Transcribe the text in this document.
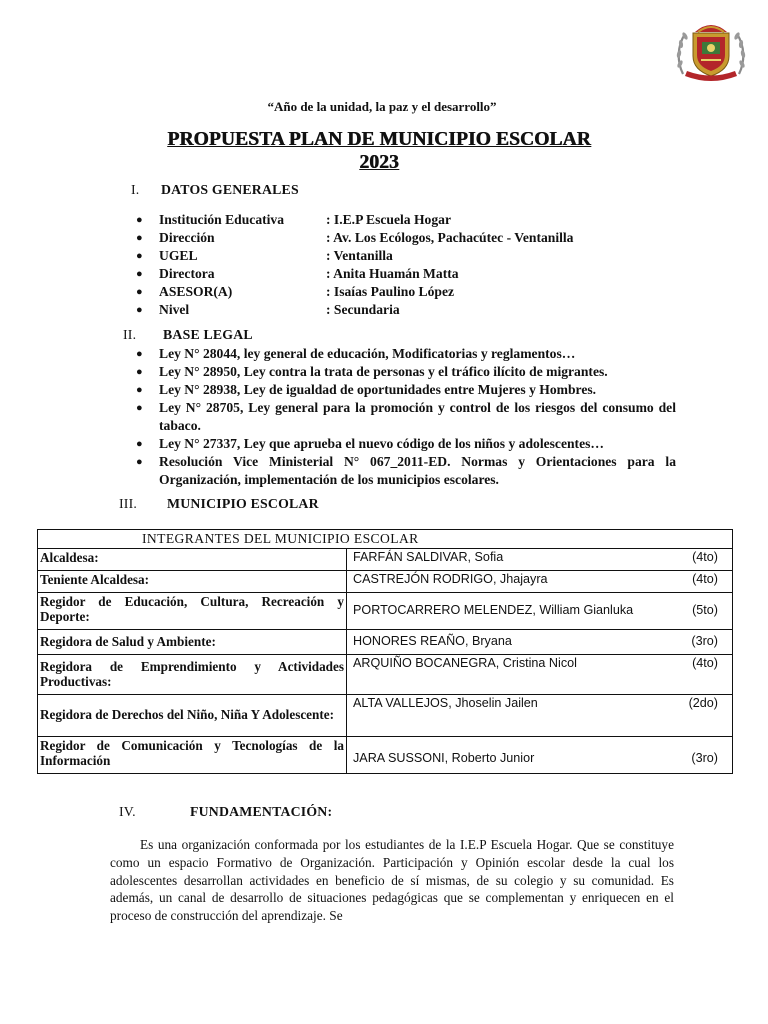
“Año de la unidad, la paz y el desarrollo”
PROPUESTA PLAN DE MUNICIPIO ESCOLAR
2023
I. DATOS GENERALES
● Institución Educativa	: I.E.P Escuela Hogar
● Dirección	: Av. Los Ecólogos, Pachacútec - Ventanilla
● UGEL	: Ventanilla
● Directora	: Anita Huamán Matta
● ASESOR(A)	: Isaías Paulino López
● Nivel	: Secundaria
II. BASE LEGAL
● Ley N° 28044, ley general de educación, Modificatorias y reglamentos…
● Ley N° 28950, Ley contra la trata de personas y el tráfico ilícito de migrantes.
● Ley N° 28938, Ley de igualdad de oportunidades entre Mujeres y Hombres.
● Ley N° 28705, Ley general para la promoción y control de los riesgos del consumo del tabaco.
● Ley N° 27337, Ley que aprueba el nuevo código de los niños y adolescentes…
● Resolución Vice Ministerial N° 067_2011-ED. Normas y Orientaciones para la Organización, implementación de los municipios escolares.
III. MUNICIPIO ESCOLAR
INTEGRANTES DEL MUNICIPIO ESCOLAR	
Alcaldesa:	FARFÁN SALDIVAR, Sofia (4to)

Teniente Alcaldesa:	CASTREJÓN RODRIGO, Jhajayra (4to)

Regidor de Educación, Cultura, Recreación y Deporte:	PORTOCARRERO MELENDEZ, William Gianluka (5to)

Regidora de Salud y Ambiente:	HONORES REAÑO, Bryana (3ro)

Regidora de Emprendimiento y Actividades Productivas:	ARQUIÑO BOCANEGRA, Cristina Nicol (4to)

Regidora de Derechos del Niño, Niña Y Adolescente:	ALTA VALLEJOS, Jhoselin Jailen (2do)

Regidor de Comunicación y Tecnologías de la Información	JARA SUSSONI, Roberto Junior (3ro)
IV.	FUNDAMENTACIÓN:

Es una organización conformada por los estudiantes de la I.E.P Escuela Hogar. Que se constituye como un espacio Formativo de Organización. Participación y Opinión escolar desde la cual los adolescentes desarrollan actividades en beneficio de sí mismas, de su colegio y su comunidad. Es además, un canal de desarrollo de situaciones pedagógicas que se complementan y enriquecen en el proceso de construcción del aprendizaje. Se
